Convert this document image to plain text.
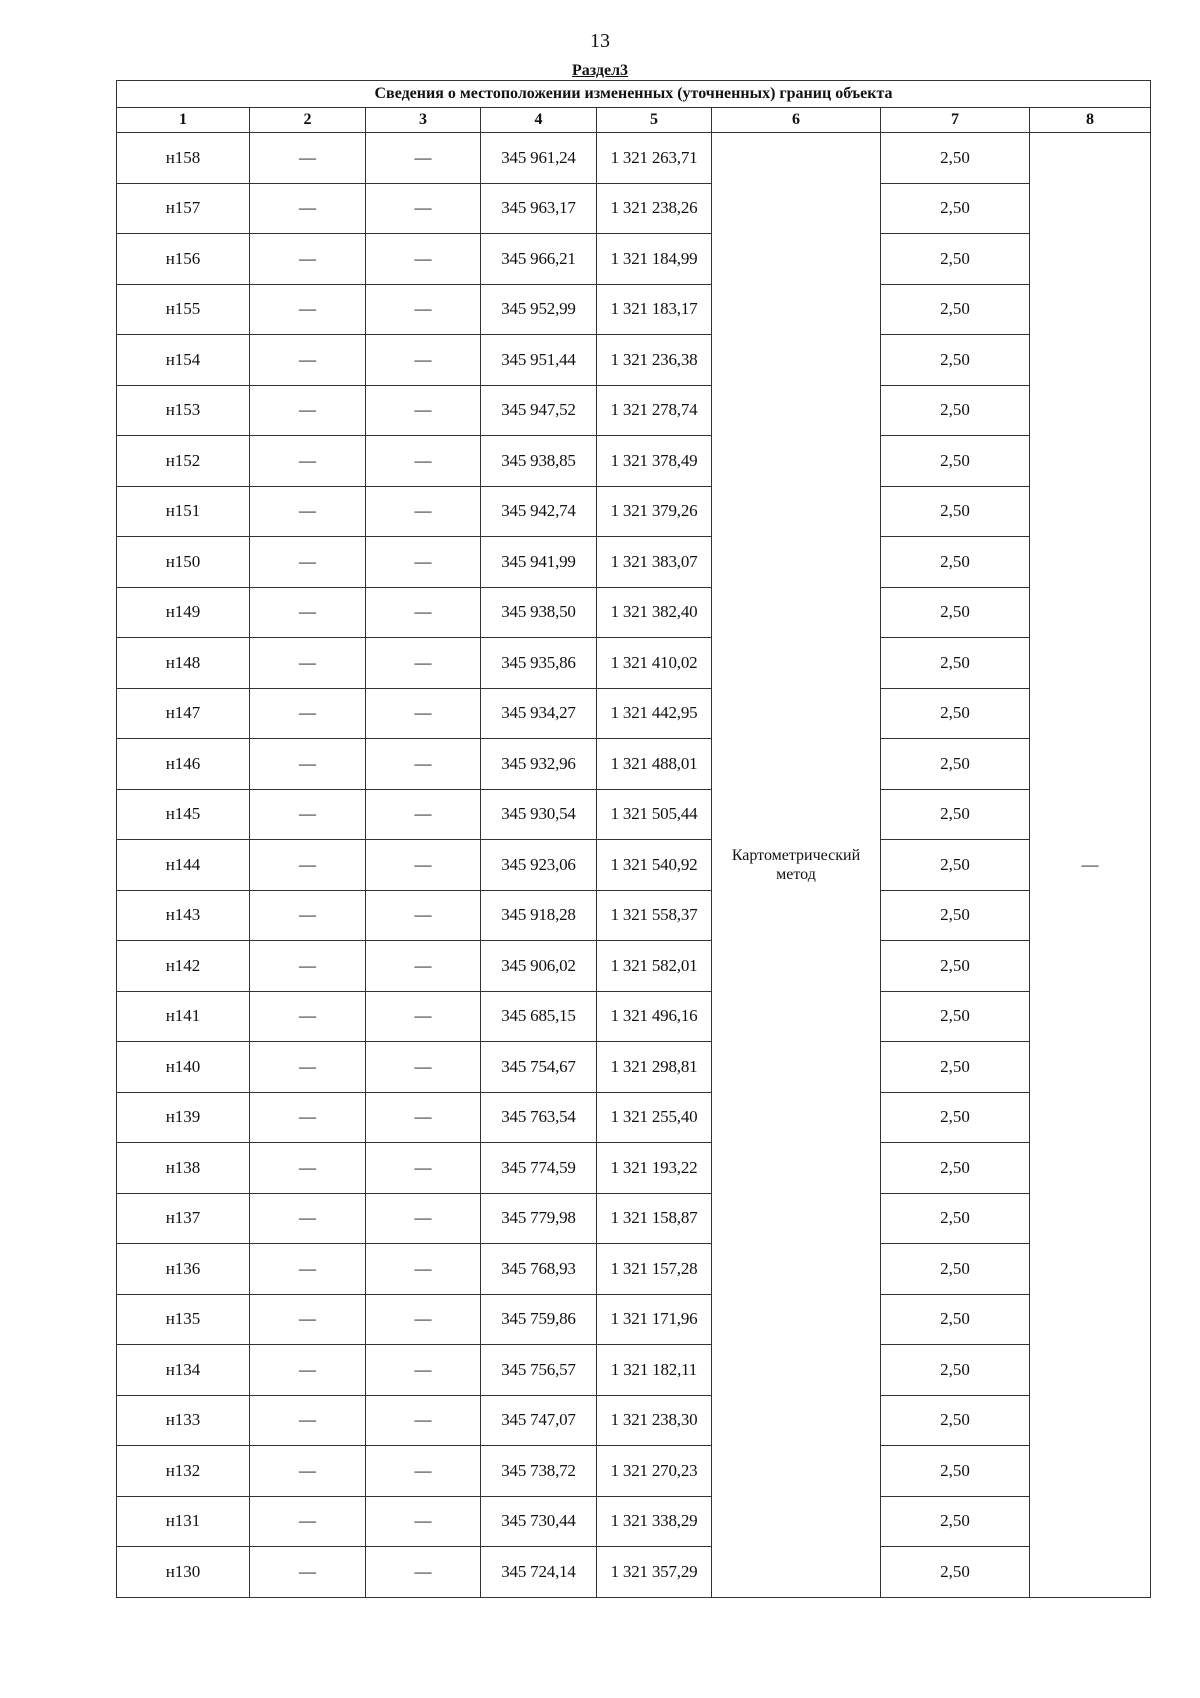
13
Раздел3
Сведения о местоположении измененных (уточненных) границ объекта							
1	2	3	4	5	6	7	8
н158	—	—	345 961,24	1 321 263,71	Картометрический метод	2,50	—
н157	—	—	345 963,17	1 321 238,26		2,50	
н156	—	—	345 966,21	1 321 184,99		2,50	
н155	—	—	345 952,99	1 321 183,17		2,50	
н154	—	—	345 951,44	1 321 236,38		2,50	
н153	—	—	345 947,52	1 321 278,74		2,50	
н152	—	—	345 938,85	1 321 378,49		2,50	
н151	—	—	345 942,74	1 321 379,26		2,50	
н150	—	—	345 941,99	1 321 383,07		2,50	
н149	—	—	345 938,50	1 321 382,40		2,50	
н148	—	—	345 935,86	1 321 410,02		2,50	
н147	—	—	345 934,27	1 321 442,95		2,50	
н146	—	—	345 932,96	1 321 488,01		2,50	
н145	—	—	345 930,54	1 321 505,44		2,50	
н144	—	—	345 923,06	1 321 540,92		2,50	
н143	—	—	345 918,28	1 321 558,37		2,50	
н142	—	—	345 906,02	1 321 582,01		2,50	
н141	—	—	345 685,15	1 321 496,16		2,50	
н140	—	—	345 754,67	1 321 298,81		2,50	
н139	—	—	345 763,54	1 321 255,40		2,50	
н138	—	—	345 774,59	1 321 193,22		2,50	
н137	—	—	345 779,98	1 321 158,87		2,50	
н136	—	—	345 768,93	1 321 157,28		2,50	
н135	—	—	345 759,86	1 321 171,96		2,50	
н134	—	—	345 756,57	1 321 182,11		2,50	
н133	—	—	345 747,07	1 321 238,30		2,50	
н132	—	—	345 738,72	1 321 270,23		2,50	
н131	—	—	345 730,44	1 321 338,29		2,50	
н130	—	—	345 724,14	1 321 357,29		2,50	
